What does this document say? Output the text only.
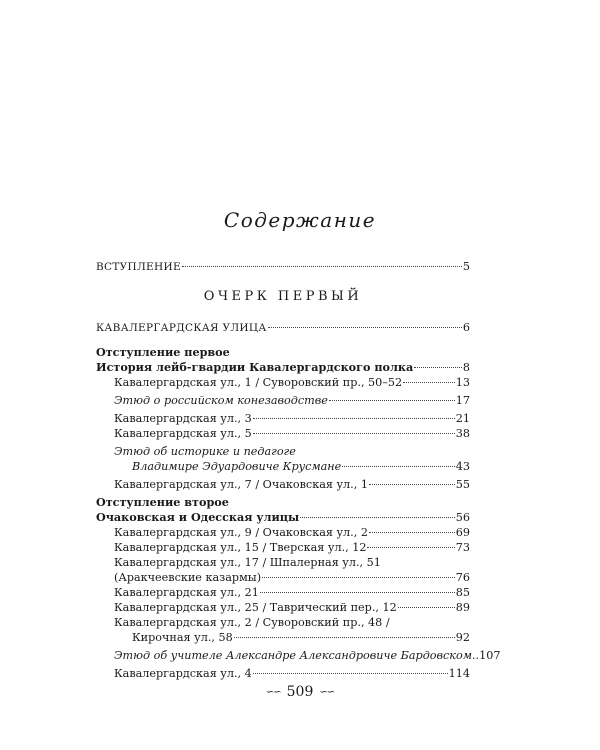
Содержание
ВСТУПЛЕНИЕ	5
ОЧЕРК ПЕРВЫЙ
КАВАЛЕРГАРДСКАЯ УЛИЦА	6
Отступление первое
История лейб-гвардии Кавалергардского полка	8
Кавалергардская ул., 1 / Суворовский пр., 50–52	13
Этюд о российском конезаводстве	17
Кавалергардская ул., 3	21
Кавалергардская ул., 5	38
Этюд об историке и педагоге
Владимире Эдуардовиче Крусмане	43
Кавалергардская ул., 7 / Очаковская ул., 1	55
Отступление второе
Очаковская и Одесская улицы	56
Кавалергардская ул., 9 / Очаковская ул., 2	69
Кавалергардская ул., 15 / Тверская ул., 12	73
Кавалергардская ул., 17 / Шпалерная ул., 51
(Аракчеевские казармы)	76
Кавалергардская ул., 21	85
Кавалергардская ул., 25 / Таврический пер., 12	89
Кавалергардская ул., 2 / Суворовский пр., 48 /
Кирочная ул., 58	92
Этюд об учителе Александре Александровиче Бардовском.. 107
Кавалергардская ул., 4	114
∽∽ 509 ∽∽
